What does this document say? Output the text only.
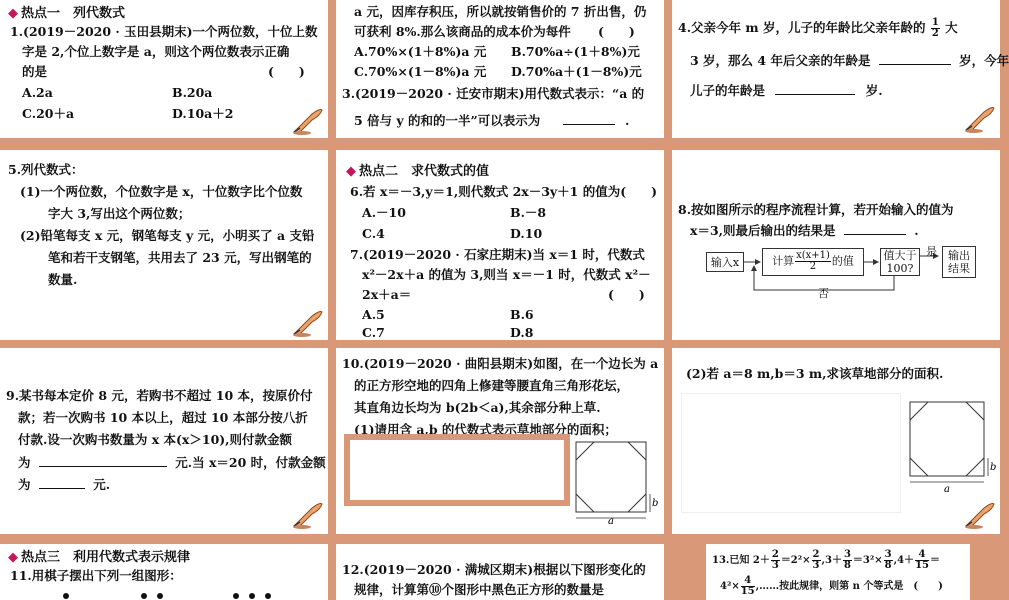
◆ 热点一　列代数式
1.(2019－2020 · 玉田县期末)一个两位数，十位上数
字是 2,个位上数字是 a，则这个两位数表示正确
的是	(　　)
A.2a	B.20a
C.20＋a	D.10a＋2
a 元，因库存积压，所以就按销售价的 7 折出售，仍
可获利 8%.那么该商品的成本价为每件 (　　)
A.70%×(1＋8%)a 元 B.70%a÷(1＋8%)元
C.70%×(1－8%)a 元 D.70%a＋(1－8%)元
3.(2019－2020 · 迁安市期末)用代数式表示：“a 的
5 倍与 y 的和的一半”可以表示为	.
4.父亲今年 m 岁，儿子的年龄比父亲年龄的 $\frac{1}{2}$ 大
3 岁，那么 4 年后父亲的年龄是	岁，今年
儿子的年龄是	岁.
5.列代数式：
(1)一个两位数，个位数字是 x，十位数字比个位数
字大 3,写出这个两位数；
(2)铅笔每支 x 元，钢笔每支 y 元，小明买了 a 支铅
笔和若干支钢笔，共用去了 23 元，写出钢笔的
数量.
◆ 热点二　求代数式的值
6.若 x＝－3,y＝1,则代数式 2x－3y＋1 的值为(　　)
A.－10	B.－8
C.4	D.10
7.(2019－2020 · 石家庄期末)当 x＝1 时，代数式
x²－2x＋a 的值为 3,则当 x＝－1 时，代数式 x²－
2x＋a＝	(　　)
A.5	B.6
C.7	D.8
8.按如图所示的程序流程计算，若开始输入的值为
x＝3,则最后输出的结果是	.
输入x	计算 $\frac{x(x+1)}{2}$ 的值	值大于
100?
是	输出
结果
否
9.某书每本定价 8 元，若购书不超过 10 本，按原价付
款；若一次购书 10 本以上，超过 10 本部分按八折
付款.设一次购书数量为 x 本(x＞10),则付款金额
为	元.当 x＝20 时，付款金额
为	元.
10.(2019－2020 · 曲阳县期末)如图，在一个边长为 a
的正方形空地的四角上修建等腰直角三角形花坛，
其直角边长均为 b(2b＜a),其余部分种上草.
(1)请用含 a,b 的代数式表示草地部分的面积；
b
a
(2)若 a＝8 m,b＝3 m,求该草地部分的面积.
b
a
◆ 热点三　利用代数式表示规律
11.用棋子摆出下列一组图形：	12.(2019－2020 · 满城区期末)根据以下图形变化的
规律，计算第⑩个图形中黑色正方形的数量是
13.已知 $2+ \frac{2}{3} =2^2\times \frac{2}{3} ,3+ \frac{3}{8} =3^2\times \frac{3}{8} ,4+ \frac{4}{15}$ ＝
$4^2\times \frac{4}{15}$ ,……按此规律，则第 n 个等式是　(　　)
